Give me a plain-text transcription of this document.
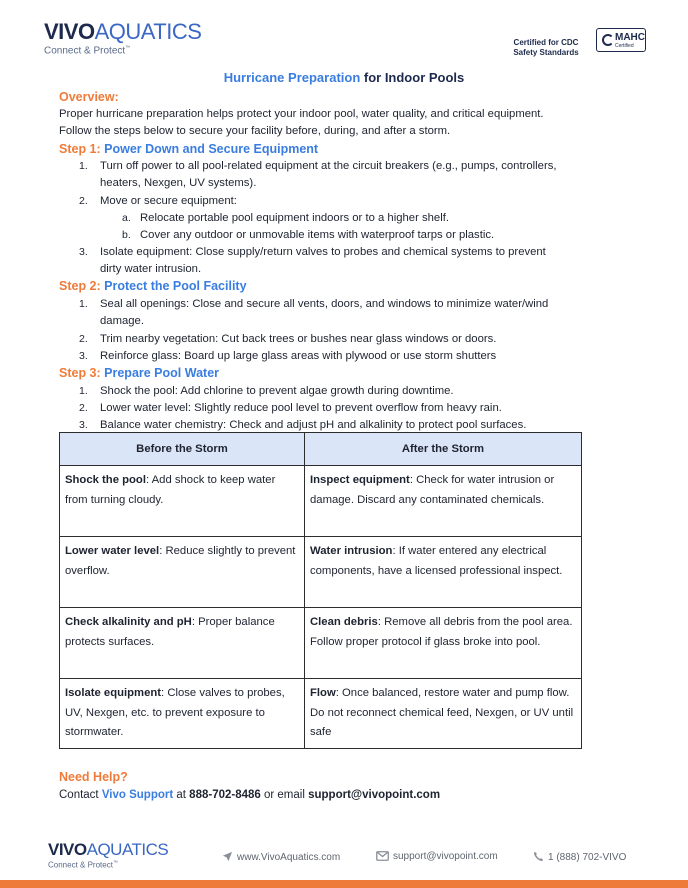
VIVOAQUATICS
Connect & Protect™
Certified for CDC
Safety Standards
MAHC
Certified
Hurricane Preparation for Indoor Pools
Overview:
Proper hurricane preparation helps protect your indoor pool, water quality, and critical equipment.
Follow the steps below to secure your facility before, during, and after a storm.
Step 1: Power Down and Secure Equipment
1. Turn off power to all pool-related equipment at the circuit breakers (e.g., pumps, controllers,
heaters, Nexgen, UV systems).
2. Move or secure equipment:
a. Relocate portable pool equipment indoors or to a higher shelf.
b. Cover any outdoor or unmovable items with waterproof tarps or plastic.
3. Isolate equipment: Close supply/return valves to probes and chemical systems to prevent
dirty water intrusion.
Step 2: Protect the Pool Facility
1. Seal all openings: Close and secure all vents, doors, and windows to minimize water/wind
damage.
2. Trim nearby vegetation: Cut back trees or bushes near glass windows or doors.
3. Reinforce glass: Board up large glass areas with plywood or use storm shutters
Step 3: Prepare Pool Water
1. Shock the pool: Add chlorine to prevent algae growth during downtime.
2. Lower water level: Slightly reduce pool level to prevent overflow from heavy rain.
3. Balance water chemistry: Check and adjust pH and alkalinity to protect pool surfaces.
Before the Storm	After the Storm
Shock the pool: Add shock to keep water from turning cloudy.	Inspect equipment: Check for water intrusion or damage. Discard any contaminated chemicals.
Lower water level: Reduce slightly to prevent overflow.	Water intrusion: If water entered any electrical components, have a licensed professional inspect.
Check alkalinity and pH: Proper balance protects surfaces.	Clean debris: Remove all debris from the pool area. Follow proper protocol if glass broke into pool.
Isolate equipment: Close valves to probes, UV, Nexgen, etc. to prevent exposure to stormwater.	Flow: Once balanced, restore water and pump flow. Do not reconnect chemical feed, Nexgen, or UV until safe
Need Help?
Contact Vivo Support at 888-702-8486 or email support@vivopoint.com
VIVOAQUATICS
Connect & Protect™	www.VivoAquatics.com	support@vivopoint.com	1 (888) 702-VIVO
